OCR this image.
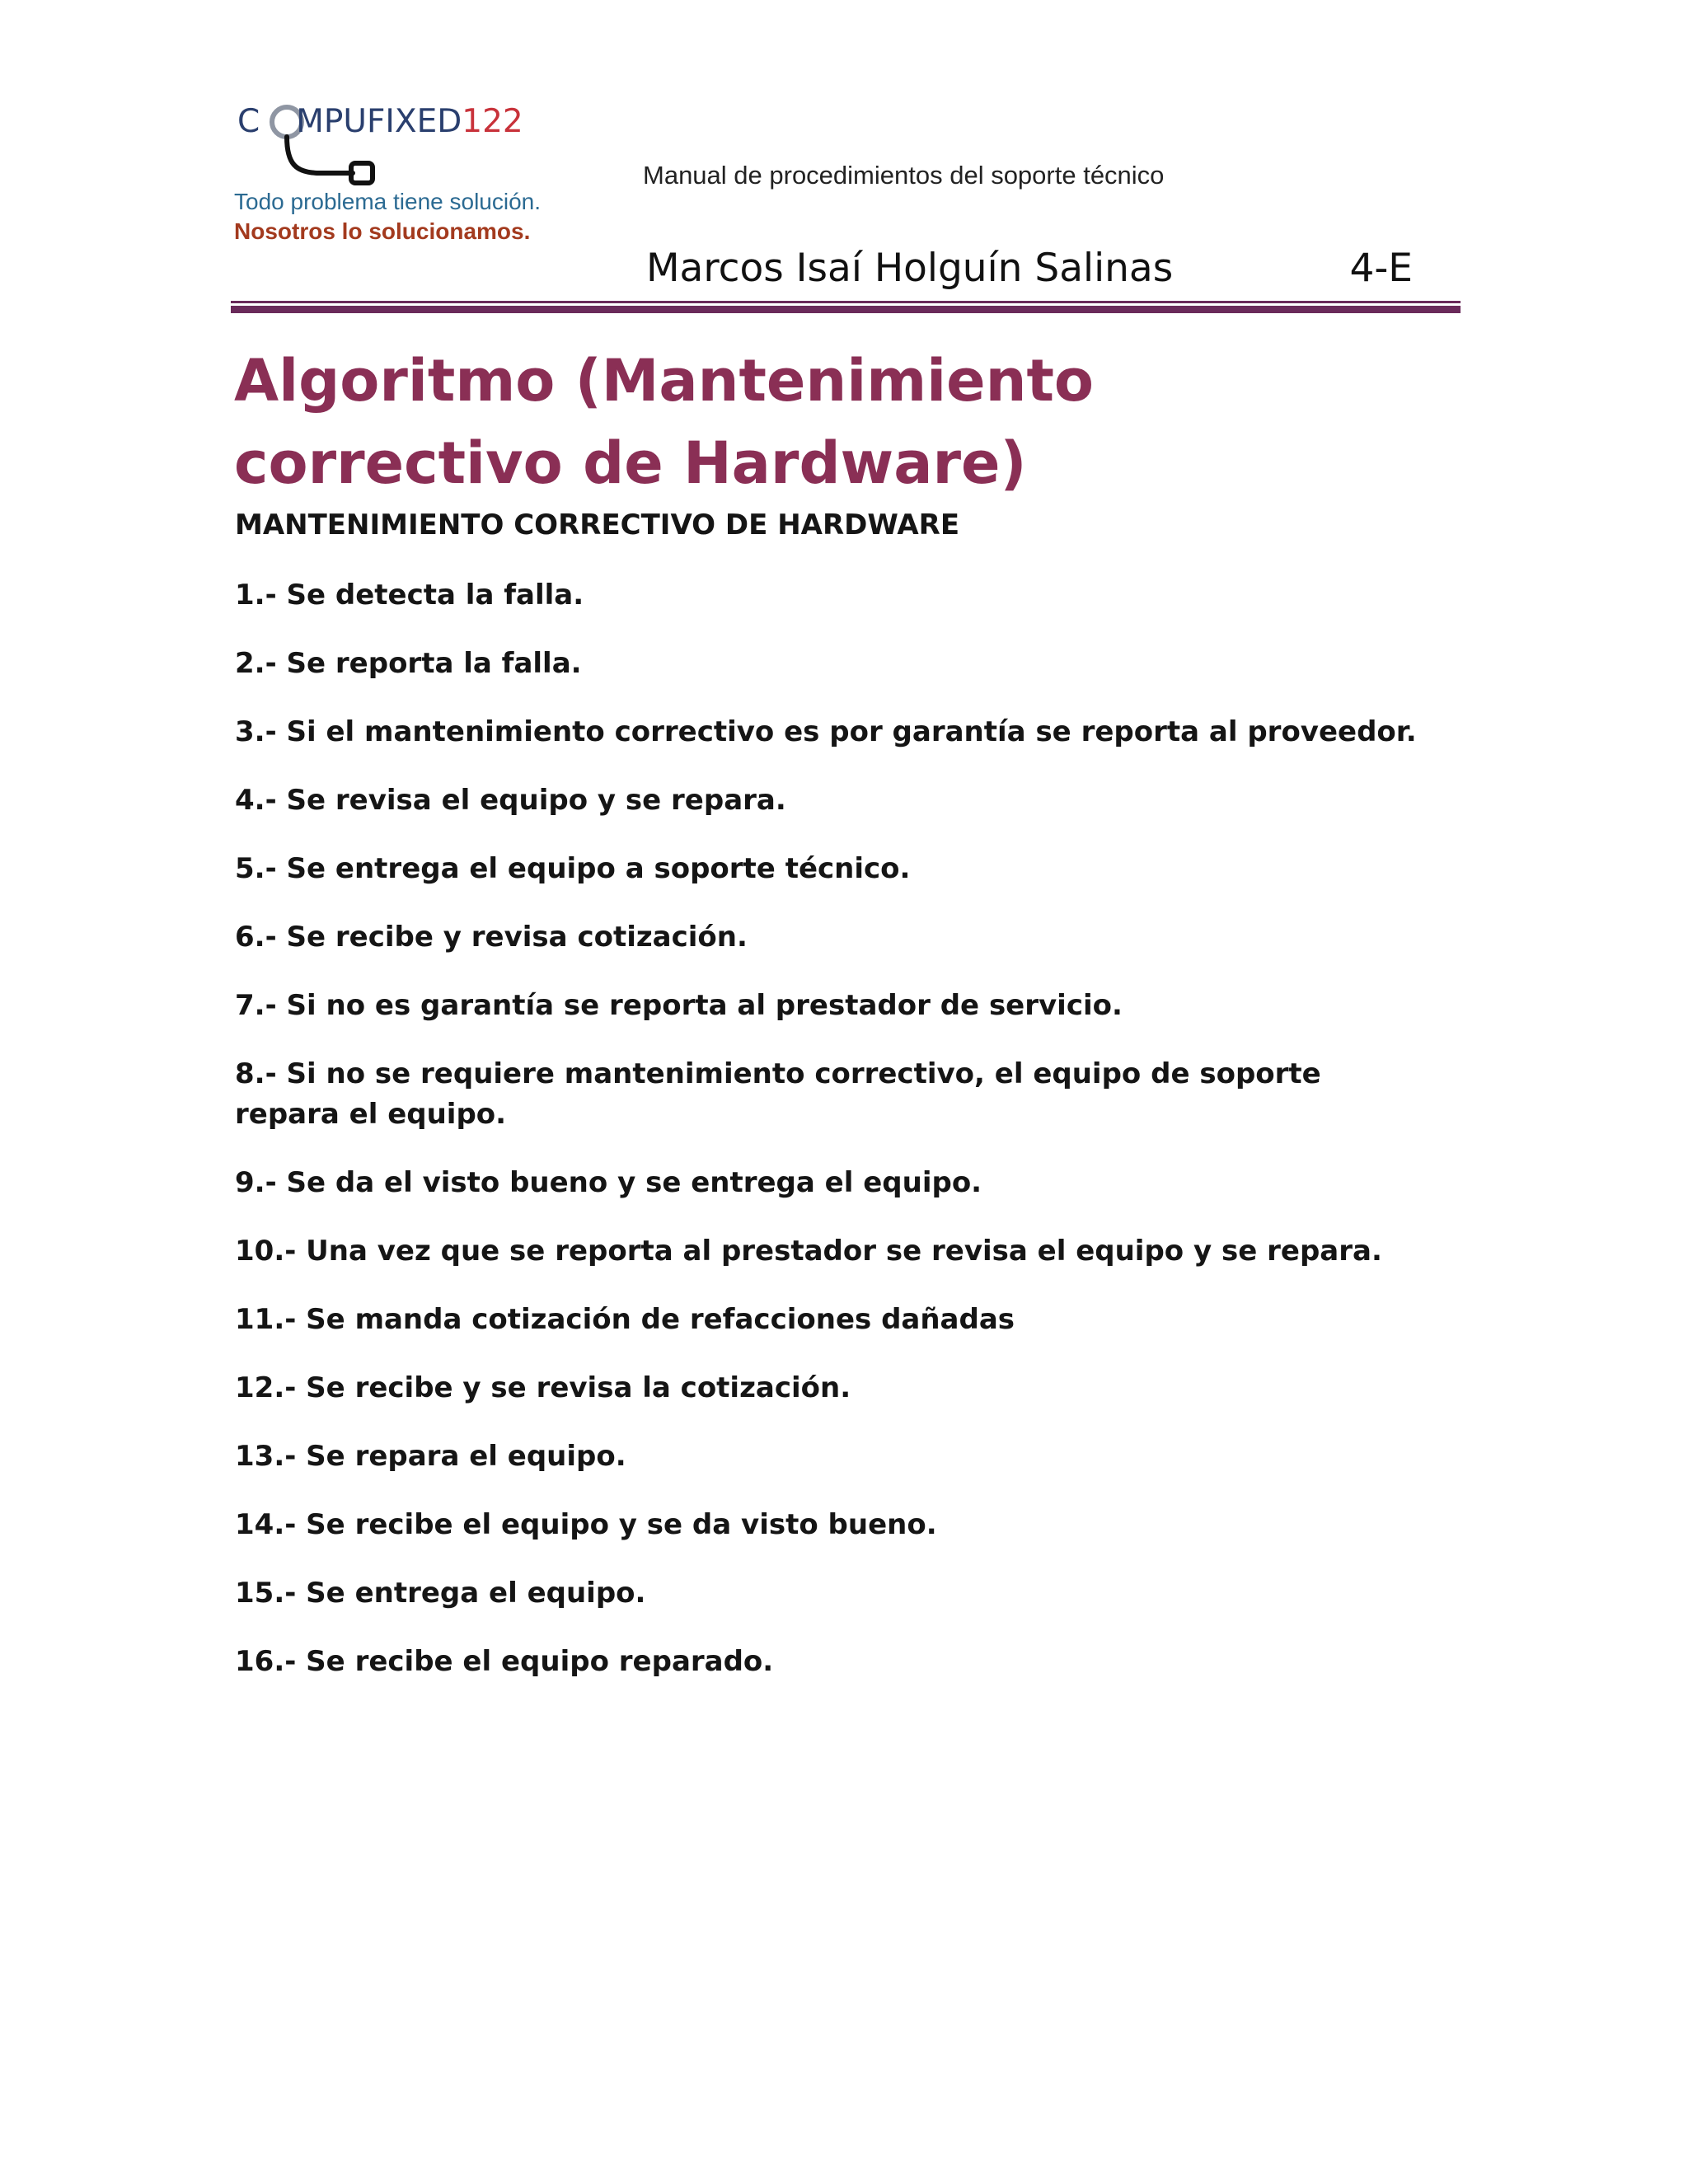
C MPUFIXED122
Todo problema tiene solución.
Nosotros lo solucionamos.
Manual de procedimientos del soporte técnico
Marcos Isaí Holguín Salinas	4-E
Algoritmo (Mantenimiento correctivo de Hardware)
MANTENIMIENTO CORRECTIVO DE HARDWARE
1.- Se detecta la falla.
2.- Se reporta la falla.
3.- Si el mantenimiento correctivo es por garantía se reporta al proveedor.
4.- Se revisa el equipo y se repara.
5.- Se entrega el equipo a soporte técnico.
6.- Se recibe y revisa cotización.
7.- Si no es garantía se reporta al prestador de servicio.
8.- Si no se requiere mantenimiento correctivo, el equipo de soporte repara el equipo.
9.- Se da el visto bueno y se entrega el equipo.
10.- Una vez que se reporta al prestador se revisa el equipo y se repara.
11.- Se manda cotización de refacciones dañadas
12.- Se recibe y se revisa la cotización.
13.- Se repara el equipo.
14.- Se recibe el equipo y se da visto bueno.
15.- Se entrega el equipo.
16.- Se recibe el equipo reparado.
